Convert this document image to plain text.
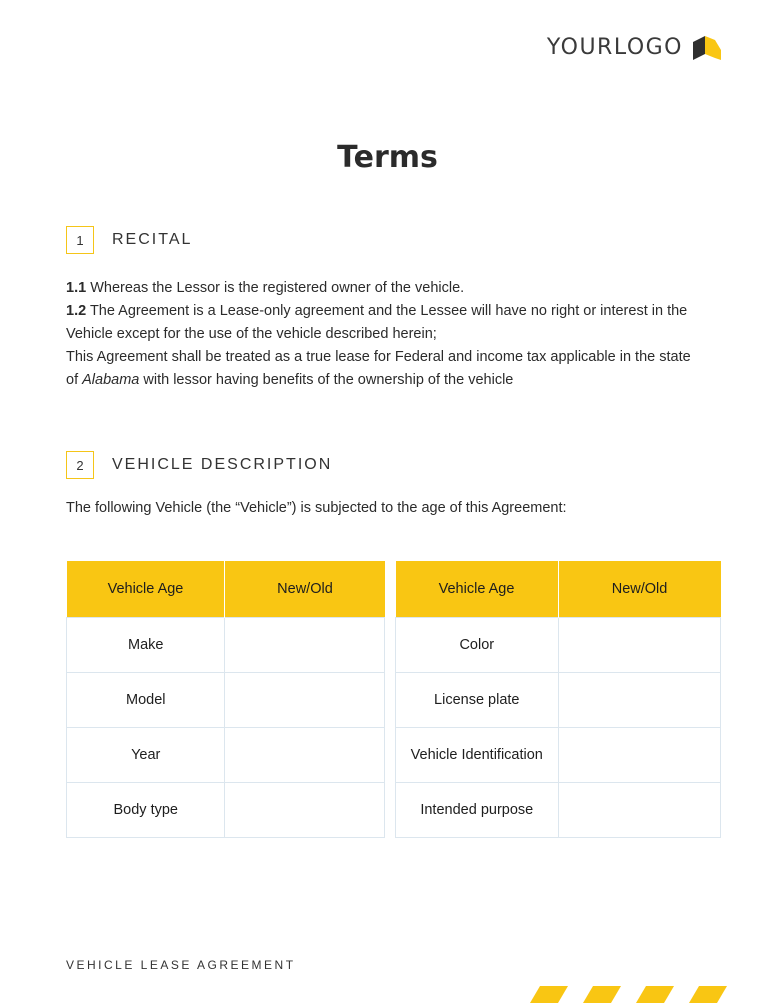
YOURLOGO
Terms
1	RECITAL

1.1 Whereas the Lessor is the registered owner of the vehicle.

1.2 The Agreement is a Lease-only agreement and the Lessee will have no right or interest in the Vehicle except for the use of the vehicle described herein;

This Agreement shall be treated as a true lease for Federal and income tax applicable in the state of Alabama with lessor having benefits of the ownership of the vehicle

2	VEHICLE DESCRIPTION
The following Vehicle (the “Vehicle”) is subjected to the age of this Agreement:
Vehicle Age	New/Old
Make	
Model	
Year	
Body type	
Vehicle Age	New/Old
Color	
License plate	
Vehicle Identification	
Intended purpose	
VEHICLE LEASE AGREEMENT
